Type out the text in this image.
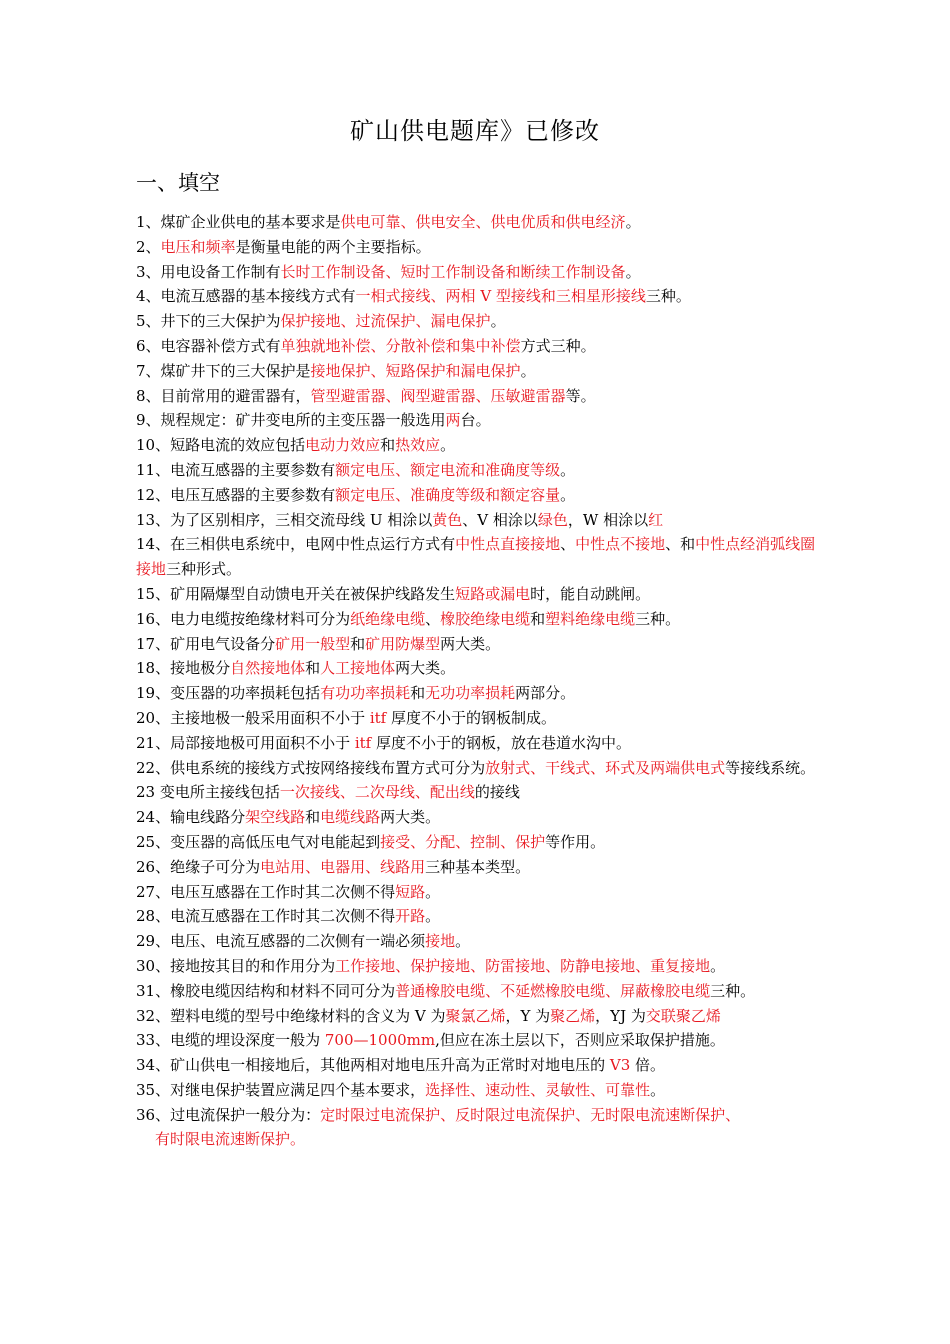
矿山供电题库》已修改
一、填空
1、煤矿企业供电的基本要求是供电可靠、供电安全、供电优质和供电经济。
2、电压和频率是衡量电能的两个主要指标。
3、用电设备工作制有长时工作制设备、短时工作制设备和断续工作制设备。
4、电流互感器的基本接线方式有一相式接线、两相 V 型接线和三相星形接线三种。
5、井下的三大保护为保护接地、过流保护、漏电保护。
6、电容器补偿方式有单独就地补偿、分散补偿和集中补偿方式三种。
7、煤矿井下的三大保护是接地保护、短路保护和漏电保护。
8、目前常用的避雷器有，管型避雷器、阀型避雷器、压敏避雷器等。
9、规程规定：矿井变电所的主变压器一般选用两台。
10、短路电流的效应包括电动力效应和热效应。
11、电流互感器的主要参数有额定电压、额定电流和准确度等级。
12、电压互感器的主要参数有额定电压、准确度等级和额定容量。
13、为了区别相序，三相交流母线 U 相涂以黄色、V 相涂以绿色，W 相涂以红
14、在三相供电系统中，电网中性点运行方式有中性点直接接地、中性点不接地、和中性点经消弧线圈接地三种形式。
15、矿用隔爆型自动馈电开关在被保护线路发生短路或漏电时，能自动跳闸。
16、电力电缆按绝缘材料可分为纸绝缘电缆、橡胶绝缘电缆和塑料绝缘电缆三种。
17、矿用电气设备分矿用一般型和矿用防爆型两大类。
18、接地极分自然接地体和人工接地体两大类。
19、变压器的功率损耗包括有功功率损耗和无功功率损耗两部分。
20、主接地极一般采用面积不小于 itf 厚度不小于的钢板制成。
21、局部接地极可用面积不小于 itf 厚度不小于的钢板，放在巷道水沟中。
22、供电系统的接线方式按网络接线布置方式可分为放射式、干线式、环式及两端供电式等接线系统。
23 变电所主接线包括一次接线、二次母线、配出线的接线
24、输电线路分架空线路和电缆线路两大类。
25、变压器的高低压电气对电能起到接受、分配、控制、保护等作用。
26、绝缘子可分为电站用、电器用、线路用三种基本类型。
27、电压互感器在工作时其二次侧不得短路。
28、电流互感器在工作时其二次侧不得开路。
29、电压、电流互感器的二次侧有一端必须接地。
30、接地按其目的和作用分为工作接地、保护接地、防雷接地、防静电接地、重复接地。
31、橡胶电缆因结构和材料不同可分为普通橡胶电缆、不延燃橡胶电缆、屏蔽橡胶电缆三种。
32、塑料电缆的型号中绝缘材料的含义为 V 为聚氯乙烯，Y 为聚乙烯，YJ 为交联聚乙烯
33、电缆的埋设深度一般为 700—1000mm,但应在冻土层以下，否则应采取保护措施。
34、矿山供电一相接地后，其他两相对地电压升高为正常时对地电压的 V3 倍。
35、对继电保护装置应满足四个基本要求，选择性、速动性、灵敏性、可靠性。
36、过电流保护一般分为：定时限过电流保护、反时限过电流保护、无时限电流速断保护、
有时限电流速断保护。
